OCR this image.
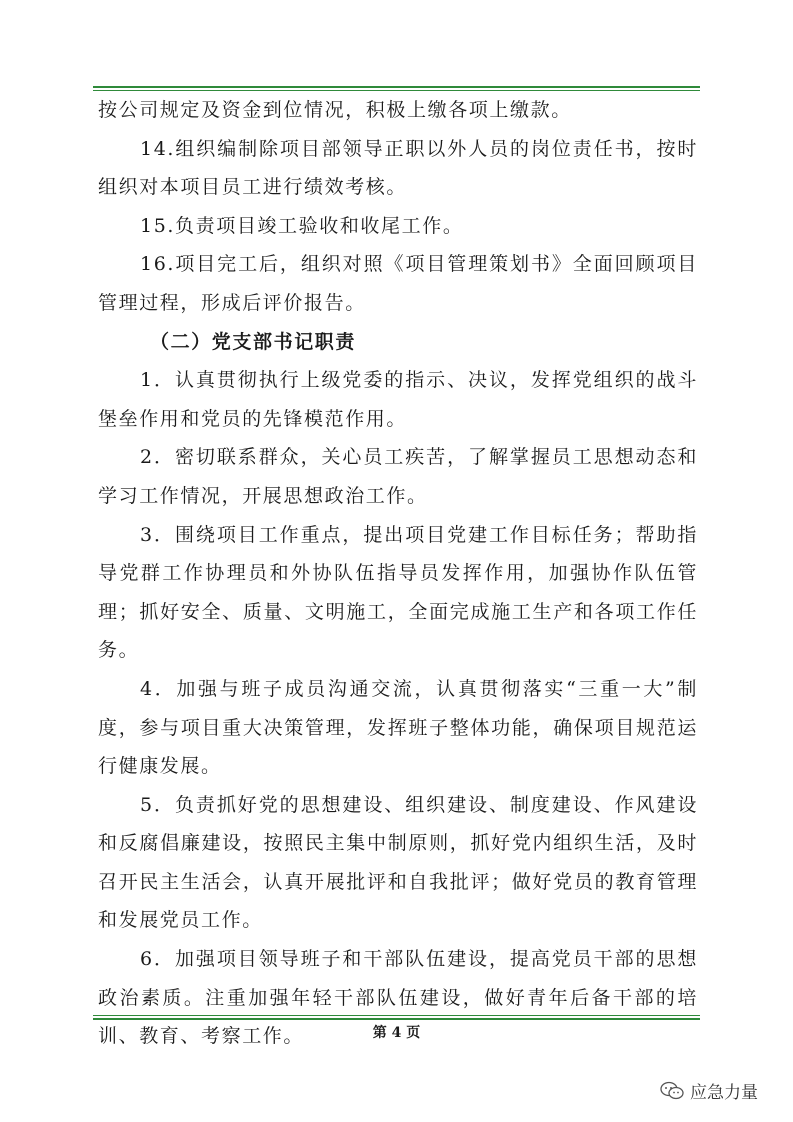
按公司规定及资金到位情况，积极上缴各项上缴款。

14.组织编制除项目部领导正职以外人员的岗位责任书，按时组织对本项目员工进行绩效考核。

15.负责项目竣工验收和收尾工作。

16.项目完工后，组织对照《项目管理策划书》全面回顾项目管理过程，形成后评价报告。

（二）党支部书记职责

1．认真贯彻执行上级党委的指示、决议，发挥党组织的战斗堡垒作用和党员的先锋模范作用。

2．密切联系群众，关心员工疾苦，了解掌握员工思想动态和学习工作情况，开展思想政治工作。

3．围绕项目工作重点，提出项目党建工作目标任务；帮助指导党群工作协理员和外协队伍指导员发挥作用，加强协作队伍管理；抓好安全、质量、文明施工，全面完成施工生产和各项工作任务。

4．加强与班子成员沟通交流，认真贯彻落实“三重一大”制度，参与项目重大决策管理，发挥班子整体功能，确保项目规范运行健康发展。

5．负责抓好党的思想建设、组织建设、制度建设、作风建设和反腐倡廉建设，按照民主集中制原则，抓好党内组织生活，及时召开民主生活会，认真开展批评和自我批评；做好党员的教育管理和发展党员工作。

6．加强项目领导班子和干部队伍建设，提高党员干部的思想政治素质。注重加强年轻干部队伍建设，做好青年后备干部的培训、教育、考察工作。	第 4 页
应急力量
